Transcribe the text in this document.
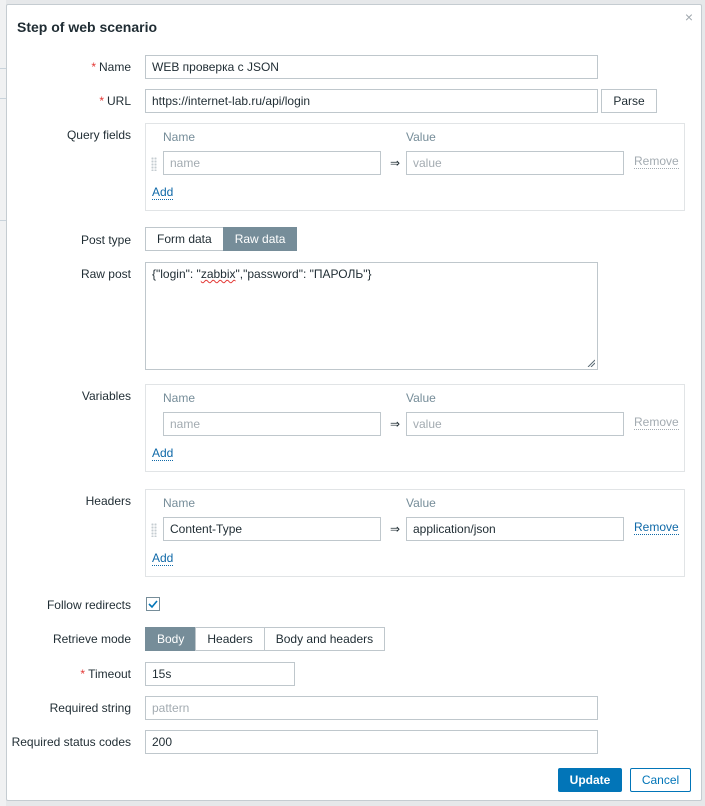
Step of web scenario
×
* Name	WEB проверка с JSON
* URL	https://internet-lab.ru/api/login	Parse
Query fields	Name	Value
name	⇒	value	Remove
Add
Post type	Form data	Raw data
Raw post	{"login": "zabbix","password": "ПАРОЛЬ"}

Variables	Name	Value
name	⇒	value	Remove
Add
Headers	Name	Value
Content-Type	⇒	application/json	Remove
Add
Follow redirects
Retrieve mode	Body	Headers	Body and headers
* Timeout	15s
Required string	pattern
Required status codes	200
Update	Cancel
